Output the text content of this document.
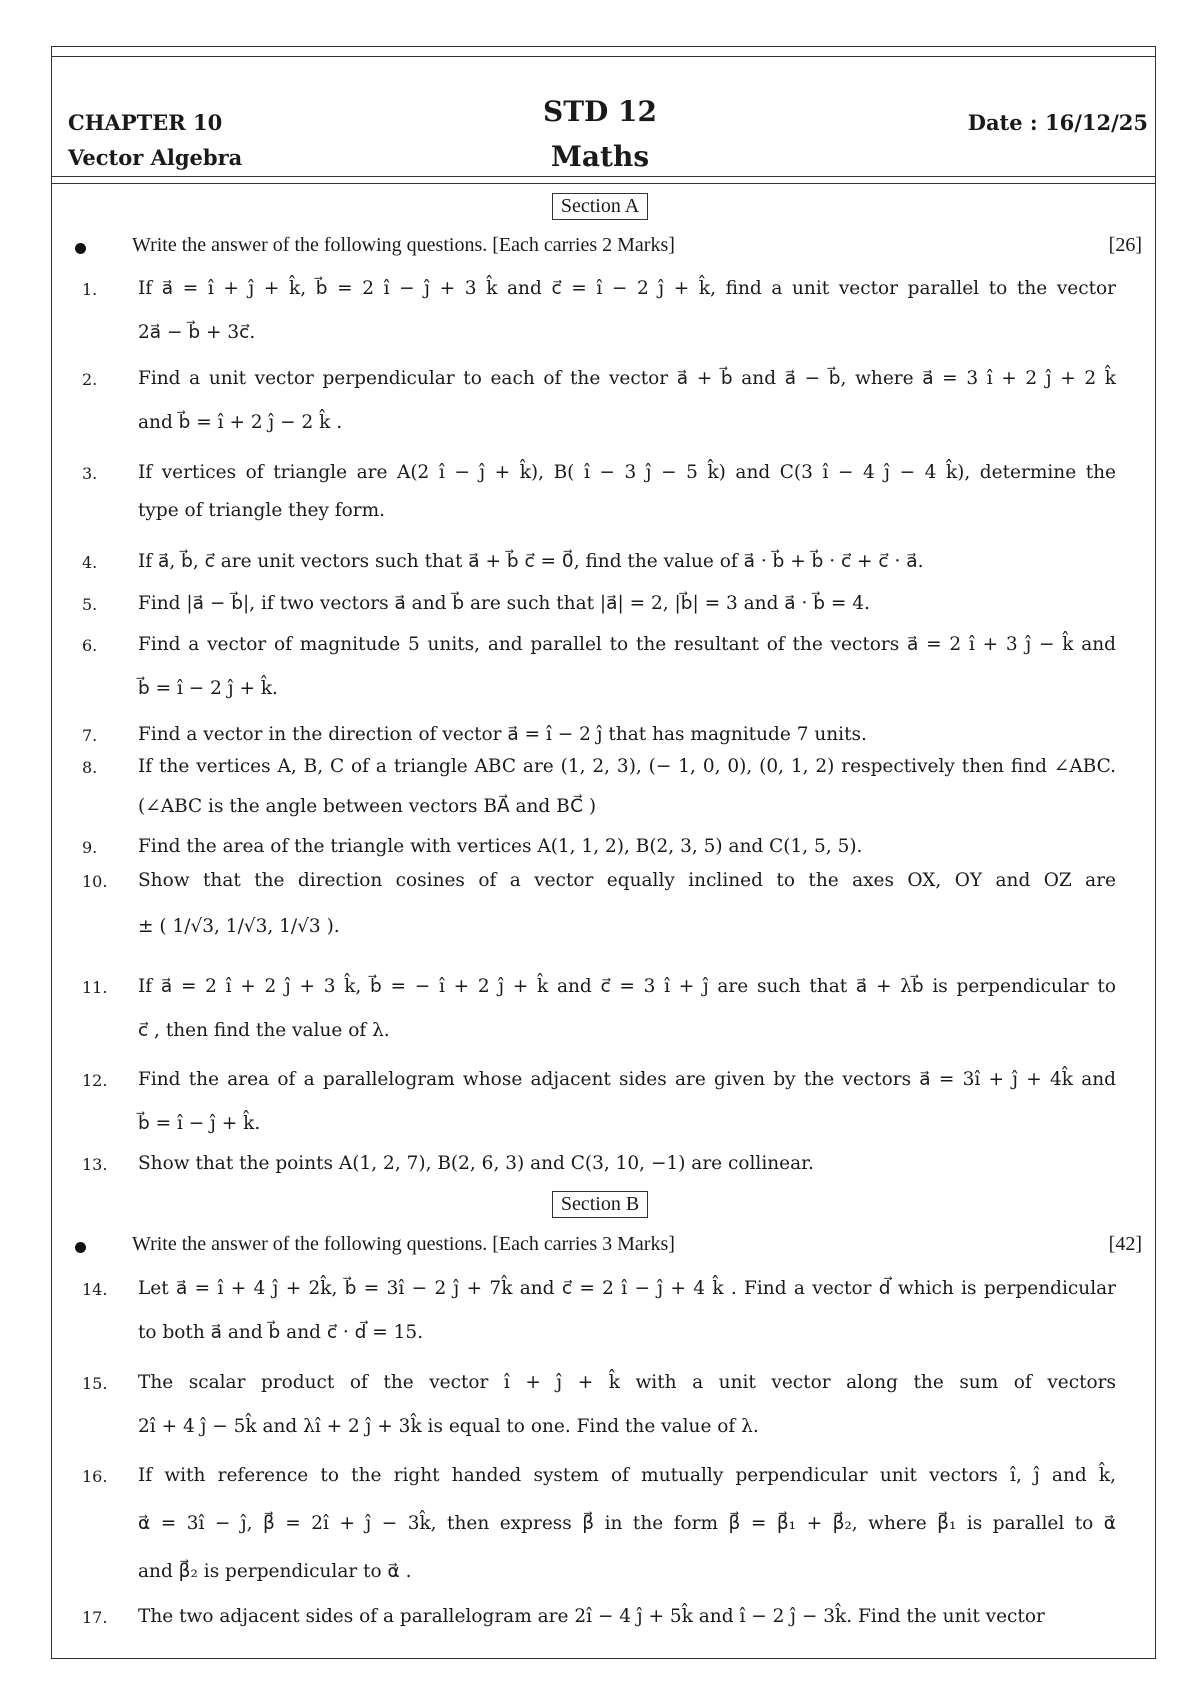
CHAPTER 10
Vector Algebra
STD 12
Maths
Date : 16/12/25
Section A
Write the answer of the following questions. [Each carries 2 Marks]	[26]
1. If a⃗ = î + ĵ + k̂, b⃗ = 2 î − ĵ + 3 k̂ and c⃗ = î − 2 ĵ + k̂, find a unit vector parallel to the vector
2a⃗ − b⃗ + 3c⃗.
2. Find a unit vector perpendicular to each of the vector a⃗ + b⃗ and a⃗ − b⃗, where a⃗ = 3 î + 2 ĵ + 2 k̂
and b⃗ = î + 2 ĵ − 2 k̂ .
3. If vertices of triangle are A(2 î − ĵ + k̂), B( î − 3 ĵ − 5 k̂) and C(3 î − 4 ĵ − 4 k̂), determine the
type of triangle they form.
4. If a⃗, b⃗, c⃗ are unit vectors such that a⃗ + b⃗ c⃗ = 0⃗, find the value of a⃗ · b⃗ + b⃗ · c⃗ + c⃗ · a⃗.
5. Find |a⃗ − b⃗|, if two vectors a⃗ and b⃗ are such that |a⃗| = 2, |b⃗| = 3 and a⃗ · b⃗ = 4.
6. Find a vector of magnitude 5 units, and parallel to the resultant of the vectors a⃗ = 2 î + 3 ĵ − k̂ and
b⃗ = î − 2 ĵ + k̂.
7. Find a vector in the direction of vector a⃗ = î − 2 ĵ that has magnitude 7 units.
8. If the vertices A, B, C of a triangle ABC are (1, 2, 3), (− 1, 0, 0), (0, 1, 2) respectively then find ∠ABC.
(∠ABC is the angle between vectors BA⃗ and BC⃗ )
9. Find the area of the triangle with vertices A(1, 1, 2), B(2, 3, 5) and C(1, 5, 5).
10. Show that the direction cosines of a vector equally inclined to the axes OX, OY and OZ are
± ( 1/√3, 1/√3, 1/√3 ).
11. If a⃗ = 2 î + 2 ĵ + 3 k̂, b⃗ = − î + 2 ĵ + k̂ and c⃗ = 3 î + ĵ are such that a⃗ + λb⃗ is perpendicular to
c⃗ , then find the value of λ.
12. Find the area of a parallelogram whose adjacent sides are given by the vectors a⃗ = 3î + ĵ + 4k̂ and
b⃗ = î − ĵ + k̂.
13. Show that the points A(1, 2, 7), B(2, 6, 3) and C(3, 10, −1) are collinear.
14. Let a⃗ = î + 4 ĵ + 2k̂, b⃗ = 3î − 2 ĵ + 7k̂ and c⃗ = 2 î − ĵ + 4 k̂ . Find a vector d⃗ which is perpendicular
to both a⃗ and b⃗ and c⃗ · d⃗ = 15.
15. The scalar product of the vector î + ĵ + k̂ with a unit vector along the sum of vectors
2î + 4 ĵ − 5k̂ and λî + 2 ĵ + 3k̂ is equal to one. Find the value of λ.
16. If with reference to the right handed system of mutually perpendicular unit vectors î, ĵ and k̂,
α⃗ = 3î − ĵ, β⃗ = 2î + ĵ − 3k̂, then express β⃗ in the form β⃗ = β⃗₁ + β⃗₂, where β⃗₁ is parallel to α⃗
and β⃗₂ is perpendicular to α⃗ .
17. The two adjacent sides of a parallelogram are 2î − 4 ĵ + 5k̂ and î − 2 ĵ − 3k̂. Find the unit vector
Section B
Write the answer of the following questions. [Each carries 3 Marks]	[42]
